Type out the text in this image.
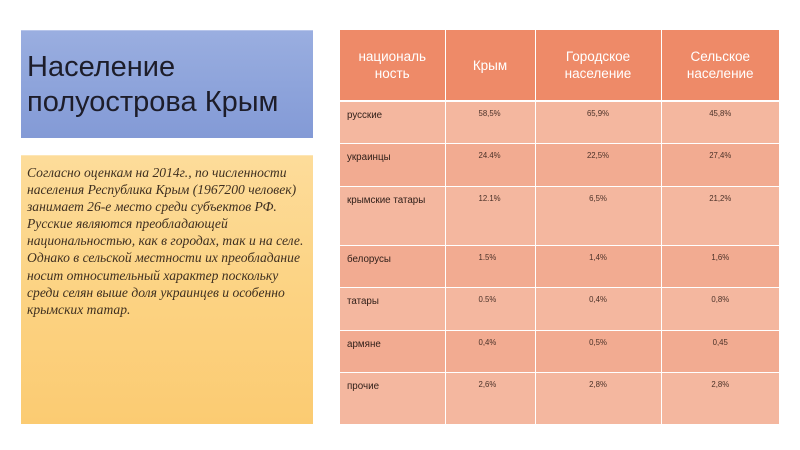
Население
полуострова Крым

Согласно оценкам на 2014г., по численности населения Республика Крым (1967200 человек) занимает 26-е место среди субъектов РФ. Русские являются преобладающей национальностью, как в городах, так и на селе. Однако в сельской местности их преобладание носит относительный характер поскольку среди селян выше доля украинцев и особенно крымских татар.

националь ность	Крым	Городское население	Сельское население
русские	58,5%	65,9%	45,8%
украинцы	24.4%	22,5%	27,4%
крымские татары	12.1%	6,5%	21,2%
белорусы	1.5%	1,4%	1,6%
татары	0.5%	0,4%	0,8%
армяне	0,4%	0,5%	0,45
прочие	2,6%	2,8%	2,8%
